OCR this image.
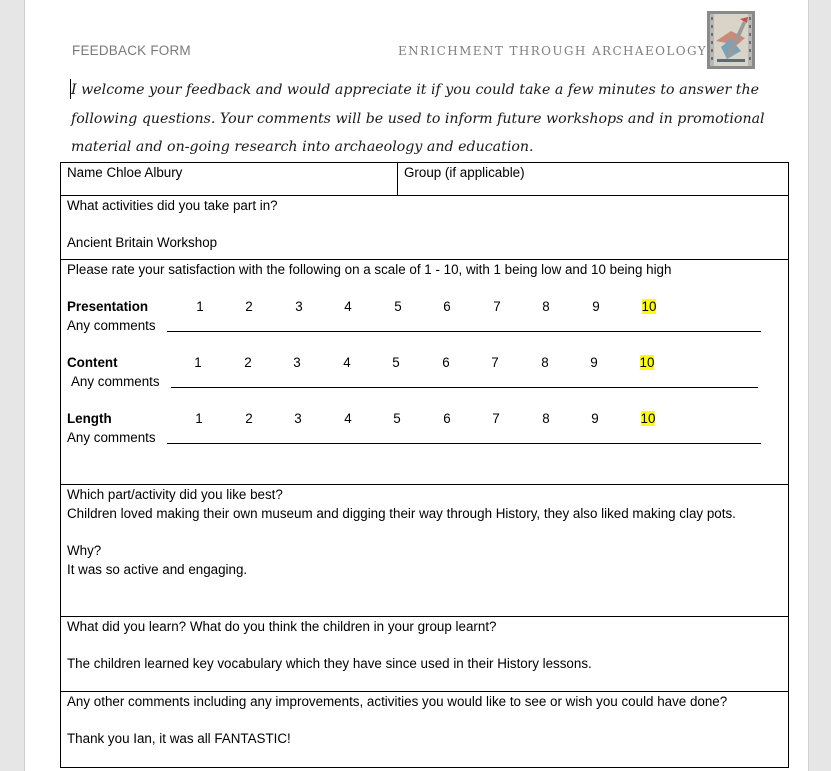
FEEDBACK FORM	ENRICHMENT THROUGH ARCHAEOLOGY
I welcome your feedback and would appreciate it if you could take a few minutes to answer the following questions. Your comments will be used to inform future workshops and in promotional material and on-going research into archaeology and education.
Name Chloe Albury	Group (if applicable)

What activities did you take part in?
Ancient Britain Workshop

Please rate your satisfaction with the following on a scale of 1 - 10, with 1 being low and 10 being high
Presentation	1	2	3	4	5	6	7	8	9	10
Any comments
Content	1	2	3	4	5	6	7	8	9	10
Any comments
Length	1	2	3	4	5	6	7	8	9	10
Any comments

Which part/activity did you like best?
Children loved making their own museum and digging their way through History, they also liked making clay pots.
Why?
It was so active and engaging.

What did you learn? What do you think the children in your group learnt?
The children learned key vocabulary which they have since used in their History lessons.

Any other comments including any improvements, activities you would like to see or wish you could have done?
Thank you Ian, it was all FANTASTIC!
